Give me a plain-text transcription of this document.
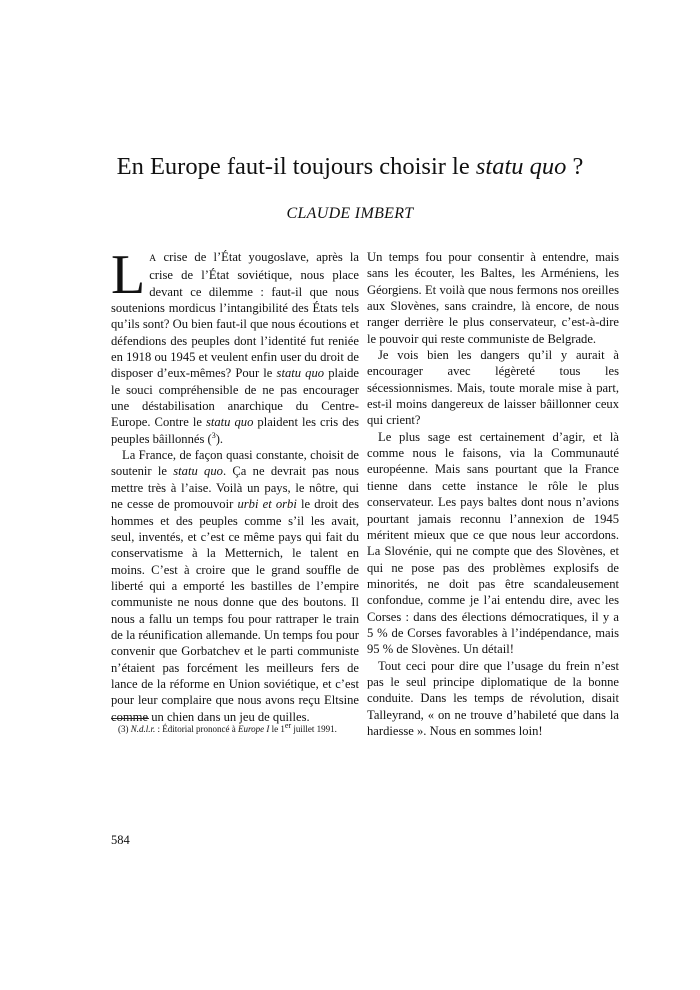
En Europe faut-il toujours choisir le statu quo ?
CLAUDE IMBERT

L A crise de l’État yougoslave, après la crise de l’État soviétique, nous place devant ce dilemme : faut-il que nous soutenions mordicus l’intangibilité des États tels qu’ils sont? Ou bien faut-il que nous écoutions et défendions des peuples dont l’identité fut reniée en 1918 ou 1945 et veulent enfin user du droit de disposer d’eux-mêmes? Pour le statu quo plaide le souci compréhensible de ne pas encourager une déstabilisation anarchique du Centre-Europe. Contre le statu quo plaident les cris des peuples bâillonnés ($^3$).

La France, de façon quasi constante, choisit de soutenir le statu quo. Ça ne devrait pas nous mettre très à l’aise. Voilà un pays, le nôtre, qui ne cesse de promouvoir urbi et orbi le droit des hommes et des peuples comme s’il les avait, seul, inventés, et c’est ce même pays qui fait du conservatisme à la Metternich, le talent en moins. C’est à croire que le grand souffle de liberté qui a emporté les bastilles de l’empire communiste ne nous donne que des boutons. Il nous a fallu un temps fou pour rattraper le train de la réunification allemande. Un temps fou pour convenir que Gorbatchev et le parti communiste n’étaient pas forcément les meilleurs fers de lance de la réforme en Union soviétique, et c’est pour leur complaire que nous avons reçu Eltsine comme un chien dans un jeu de quilles.

(3) N.d.l.r. : Éditorial prononcé à Europe I le 1er juillet 1991.

Un temps fou pour consentir à entendre, mais sans les écouter, les Baltes, les Arméniens, les Géorgiens. Et voilà que nous fermons nos oreilles aux Slovènes, sans craindre, là encore, de nous ranger derrière le plus conservateur, c’est-à-dire le pouvoir qui reste communiste de Belgrade.

Je vois bien les dangers qu’il y aurait à encourager avec légèreté tous les sécessionnismes. Mais, toute morale mise à part, est-il moins dangereux de laisser bâillonner ceux qui crient?

Le plus sage est certainement d’agir, et là comme nous le faisons, via la Communauté européenne. Mais sans pourtant que la France tienne dans cette instance le rôle le plus conservateur. Les pays baltes dont nous n’avions pourtant jamais reconnu l’annexion de 1945 méritent mieux que ce que nous leur accordons. La Slovénie, qui ne compte que des Slovènes, et qui ne pose pas des problèmes explosifs de minorités, ne doit pas être scandaleusement confondue, comme je l’ai entendu dire, avec les Corses : dans des élections démocratiques, il y a 5 % de Corses favorables à l’indépendance, mais 95 % de Slovènes. Un détail!

Tout ceci pour dire que l’usage du frein n’est pas le seul principe diplomatique de la bonne conduite. Dans les temps de révolution, disait Talleyrand, « on ne trouve d’habileté que dans la hardiesse ». Nous en sommes loin!

584
